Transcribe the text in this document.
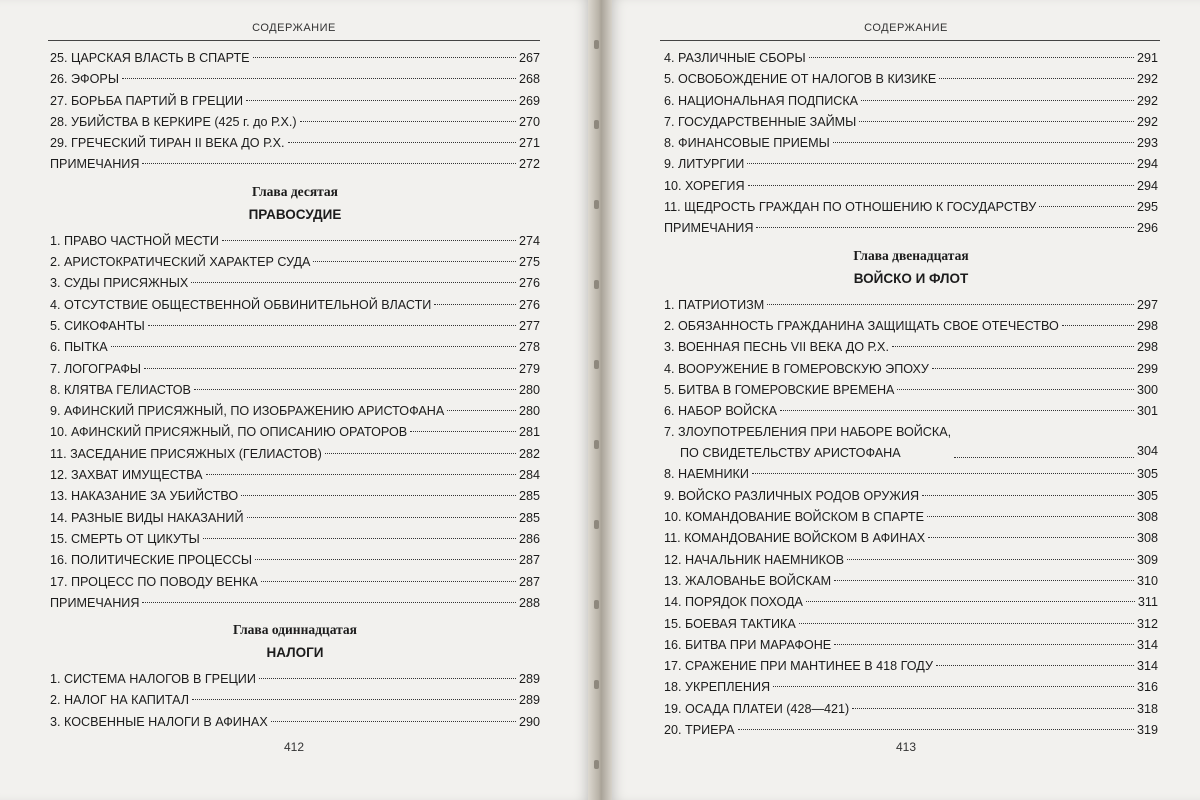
СОДЕРЖАНИЕ
25. ЦАРСКАЯ ВЛАСТЬ В СПАРТЕ	267
26. ЭФОРЫ	268
27. БОРЬБА ПАРТИЙ В ГРЕЦИИ	269
28. УБИЙСТВА В КЕРКИРЕ (425 г. до Р.Х.)	270
29. ГРЕЧЕСКИЙ ТИРАН II ВЕКА ДО Р.Х.	271
ПРИМЕЧАНИЯ	272
Глава десятая
ПРАВОСУДИЕ
1. ПРАВО ЧАСТНОЙ МЕСТИ	274
2. АРИСТОКРАТИЧЕСКИЙ ХАРАКТЕР СУДА	275
3. СУДЫ ПРИСЯЖНЫХ	276
4. ОТСУТСТВИЕ ОБЩЕСТВЕННОЙ ОБВИНИТЕЛЬНОЙ ВЛАСТИ	276
5. СИКОФАНТЫ	277
6. ПЫТКА	278
7. ЛОГОГРАФЫ	279
8. КЛЯТВА ГЕЛИАСТОВ	280
9. АФИНСКИЙ ПРИСЯЖНЫЙ, ПО ИЗОБРАЖЕНИЮ АРИСТОФАНА	280
10. АФИНСКИЙ ПРИСЯЖНЫЙ, ПО ОПИСАНИЮ ОРАТОРОВ	281
11. ЗАСЕДАНИЕ ПРИСЯЖНЫХ (ГЕЛИАСТОВ)	282
12. ЗАХВАТ ИМУЩЕСТВА	284
13. НАКАЗАНИЕ ЗА УБИЙСТВО	285
14. РАЗНЫЕ ВИДЫ НАКАЗАНИЙ	285
15. СМЕРТЬ ОТ ЦИКУТЫ	286
16. ПОЛИТИЧЕСКИЕ ПРОЦЕССЫ	287
17. ПРОЦЕСС ПО ПОВОДУ ВЕНКА	287
ПРИМЕЧАНИЯ	288
Глава одиннадцатая
НАЛОГИ
1. СИСТЕМА НАЛОГОВ В ГРЕЦИИ	289
2. НАЛОГ НА КАПИТАЛ	289
3. КОСВЕННЫЕ НАЛОГИ В АФИНАХ	290
412
СОДЕРЖАНИЕ
4. РАЗЛИЧНЫЕ СБОРЫ	291
5. ОСВОБОЖДЕНИЕ ОТ НАЛОГОВ В КИЗИКЕ	292
6. НАЦИОНАЛЬНАЯ ПОДПИСКА	292
7. ГОСУДАРСТВЕННЫЕ ЗАЙМЫ	292
8. ФИНАНСОВЫЕ ПРИЕМЫ	293
9. ЛИТУРГИИ	294
10. ХОРЕГИЯ	294
11. ЩЕДРОСТЬ ГРАЖДАН ПО ОТНОШЕНИЮ К ГОСУДАРСТВУ	295
ПРИМЕЧАНИЯ	296
Глава двенадцатая
ВОЙСКО И ФЛОТ
1. ПАТРИОТИЗМ	297
2. ОБЯЗАННОСТЬ ГРАЖДАНИНА ЗАЩИЩАТЬ СВОЕ ОТЕЧЕСТВО	298
3. ВОЕННАЯ ПЕСНЬ VII ВЕКА ДО Р.Х.	298
4. ВООРУЖЕНИЕ В ГОМЕРОВСКУЮ ЭПОХУ	299
5. БИТВА В ГОМЕРОВСКИЕ ВРЕМЕНА	300
6. НАБОР ВОЙСКА	301
7. ЗЛОУПОТРЕБЛЕНИЯ ПРИ НАБОРЕ ВОЙСКА,
ПО СВИДЕТЕЛЬСТВУ АРИСТОФАНА	304
8. НАЕМНИКИ	305
9. ВОЙСКО РАЗЛИЧНЫХ РОДОВ ОРУЖИЯ	305
10. КОМАНДОВАНИЕ ВОЙСКОМ В СПАРТЕ	308
11. КОМАНДОВАНИЕ ВОЙСКОМ В АФИНАХ	308
12. НАЧАЛЬНИК НАЕМНИКОВ	309
13. ЖАЛОВАНЬЕ ВОЙСКАМ	310
14. ПОРЯДОК ПОХОДА	311
15. БОЕВАЯ ТАКТИКА	312
16. БИТВА ПРИ МАРАФОНЕ	314
17. СРАЖЕНИЕ ПРИ МАНТИНЕЕ В 418 ГОДУ	314
18. УКРЕПЛЕНИЯ	316
19. ОСАДА ПЛАТЕИ (428—421)	318
20. ТРИЕРА	319
413
